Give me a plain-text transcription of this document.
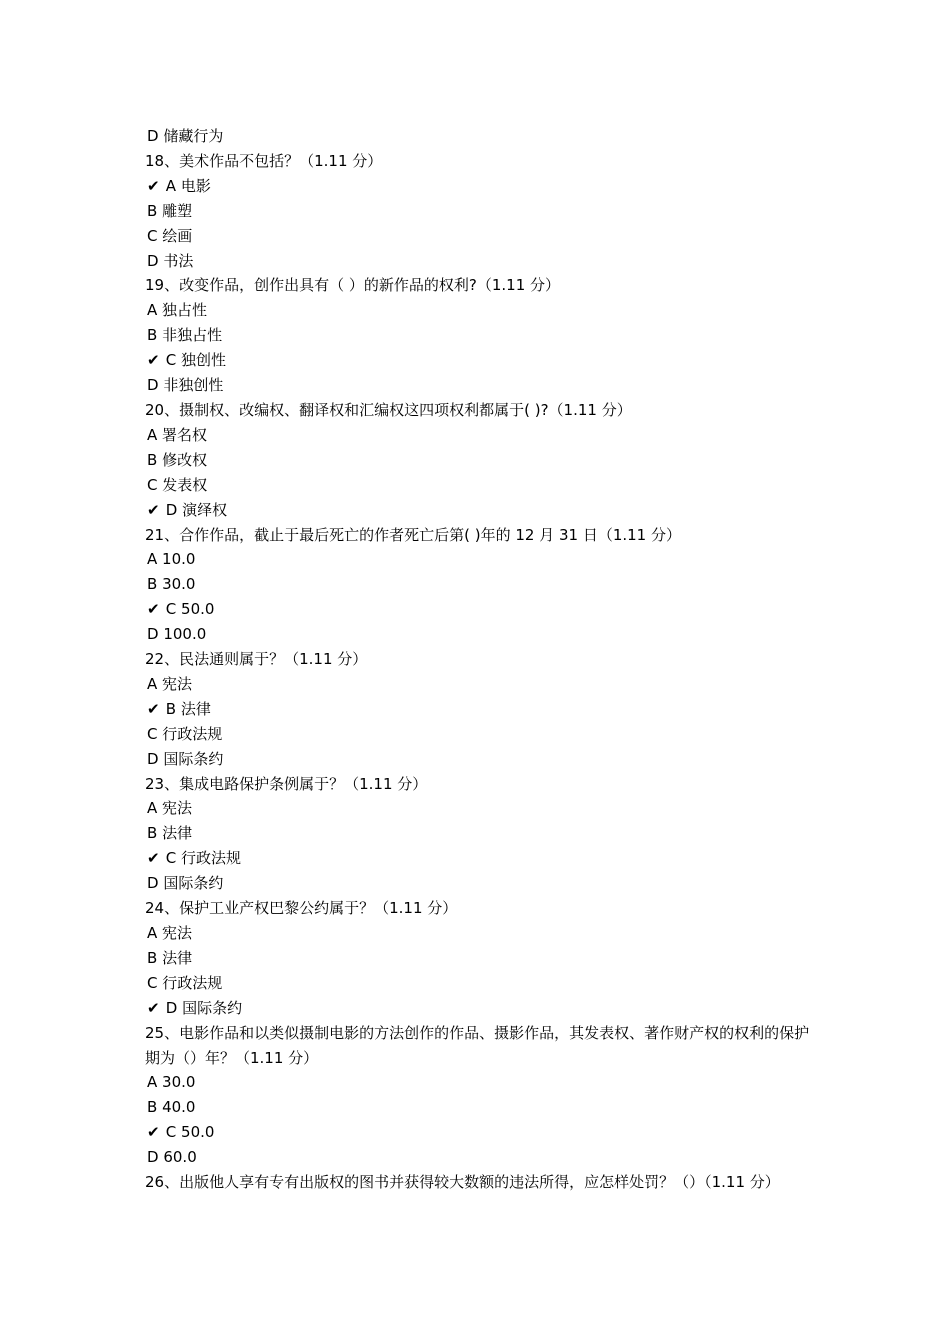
D 储藏行为
18、美术作品不包括？（1.11 分）
✔ A 电影
B 雕塑
C 绘画
D 书法
19、改变作品，创作出具有（ ）的新作品的权利?（1.11 分）
A 独占性
B 非独占性
✔ C 独创性
D 非独创性
20、摄制权、改编权、翻译权和汇编权这四项权利都属于( )?（1.11 分）
A 署名权
B 修改权
C 发表权
✔ D 演绎权
21、合作作品，截止于最后死亡的作者死亡后第( )年的 12 月 31 日（1.11 分）
A 10.0
B 30.0
✔ C 50.0
D 100.0
22、民法通则属于？（1.11 分）
A 宪法
✔ B 法律
C 行政法规
D 国际条约
23、集成电路保护条例属于？（1.11 分）
A 宪法
B 法律
✔ C 行政法规
D 国际条约
24、保护工业产权巴黎公约属于？（1.11 分）
A 宪法
B 法律
C 行政法规
✔ D 国际条约
25、电影作品和以类似摄制电影的方法创作的作品、摄影作品，其发表权、著作财产权的权利的保护期为（）年？（1.11 分）
A 30.0
B 40.0
✔ C 50.0
D 60.0
26、出版他人享有专有出版权的图书并获得较大数额的违法所得，应怎样处罚？（）（1.11 分）
